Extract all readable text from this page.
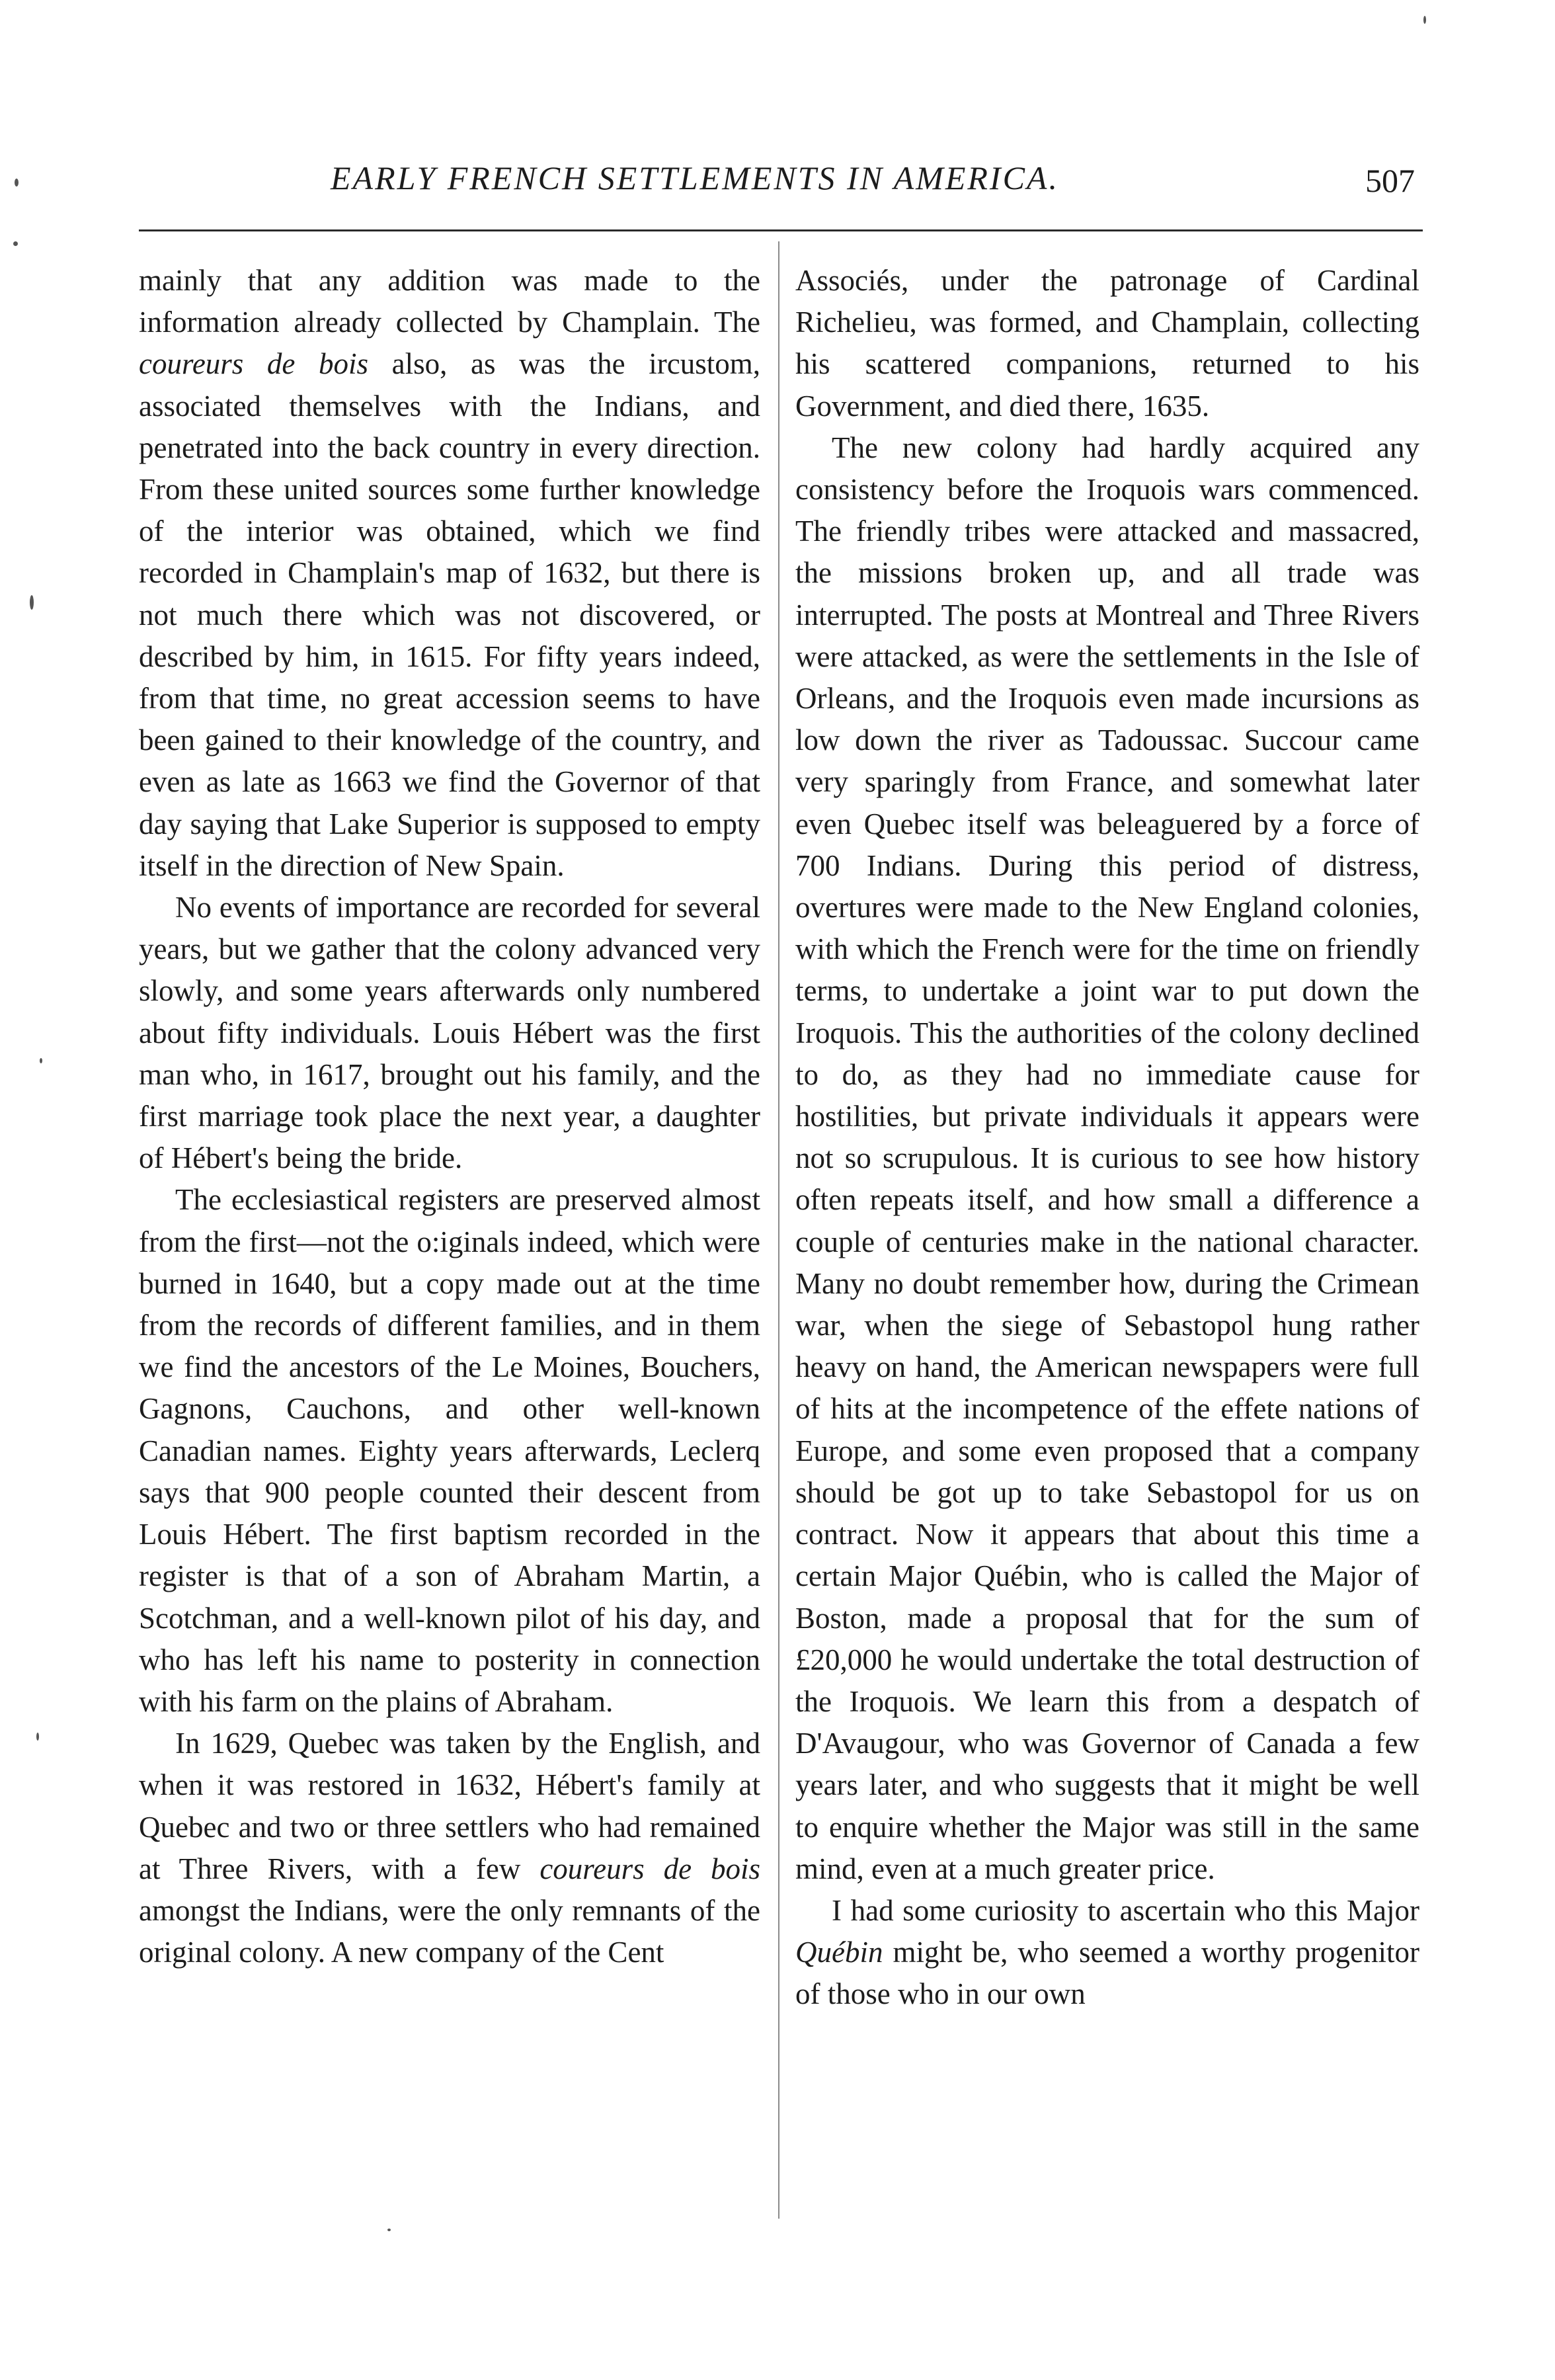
EARLY FRENCH SETTLEMENTS IN AMERICA.	507

mainly that any addition was made to the information already collected by Champlain. The coureurs de bois also, as was the ircustom, associated themselves with the Indians, and penetrated into the back country in every direction. From these united sources some further knowledge of the interior was obtained, which we find recorded in Champlain's map of 1632, but there is not much there which was not discovered, or described by him, in 1615. For fifty years indeed, from that time, no great accession seems to have been gained to their knowledge of the country, and even as late as 1663 we find the Governor of that day saying that Lake Superior is supposed to empty itself in the direction of New Spain.

No events of importance are recorded for several years, but we gather that the colony advanced very slowly, and some years afterwards only numbered about fifty individuals. Louis Hébert was the first man who, in 1617, brought out his family, and the first marriage took place the next year, a daughter of Hébert's being the bride.

The ecclesiastical registers are preserved almost from the first—not the o:iginals indeed, which were burned in 1640, but a copy made out at the time from the records of different families, and in them we find the ancestors of the Le Moines, Bouchers, Gagnons, Cauchons, and other well-known Canadian names. Eighty years afterwards, Leclerq says that 900 people counted their descent from Louis Hébert. The first baptism recorded in the register is that of a son of Abraham Martin, a Scotchman, and a well-known pilot of his day, and who has left his name to posterity in connection with his farm on the plains of Abraham.

In 1629, Quebec was taken by the English, and when it was restored in 1632, Hébert's family at Quebec and two or three settlers who had remained at Three Rivers, with a few coureurs de bois amongst the Indians, were the only remnants of the original colony. A new company of the Cent

Associés, under the patronage of Cardinal Richelieu, was formed, and Champlain, collecting his scattered companions, returned to his Government, and died there, 1635.

The new colony had hardly acquired any consistency before the Iroquois wars commenced. The friendly tribes were attacked and massacred, the missions broken up, and all trade was interrupted. The posts at Montreal and Three Rivers were attacked, as were the settlements in the Isle of Orleans, and the Iroquois even made incursions as low down the river as Tadoussac. Succour came very sparingly from France, and somewhat later even Quebec itself was beleaguered by a force of 700 Indians. During this period of distress, overtures were made to the New England colonies, with which the French were for the time on friendly terms, to undertake a joint war to put down the Iroquois. This the authorities of the colony declined to do, as they had no immediate cause for hostilities, but private individuals it appears were not so scrupulous. It is curious to see how history often repeats itself, and how small a difference a couple of centuries make in the national character. Many no doubt remember how, during the Crimean war, when the siege of Sebastopol hung rather heavy on hand, the American newspapers were full of hits at the incompetence of the effete nations of Europe, and some even proposed that a company should be got up to take Sebastopol for us on contract. Now it appears that about this time a certain Major Québin, who is called the Major of Boston, made a proposal that for the sum of £20,000 he would undertake the total destruction of the Iroquois. We learn this from a despatch of D'Avaugour, who was Governor of Canada a few years later, and who suggests that it might be well to enquire whether the Major was still in the same mind, even at a much greater price.

I had some curiosity to ascertain who this Major Québin might be, who seemed a worthy progenitor of those who in our own
